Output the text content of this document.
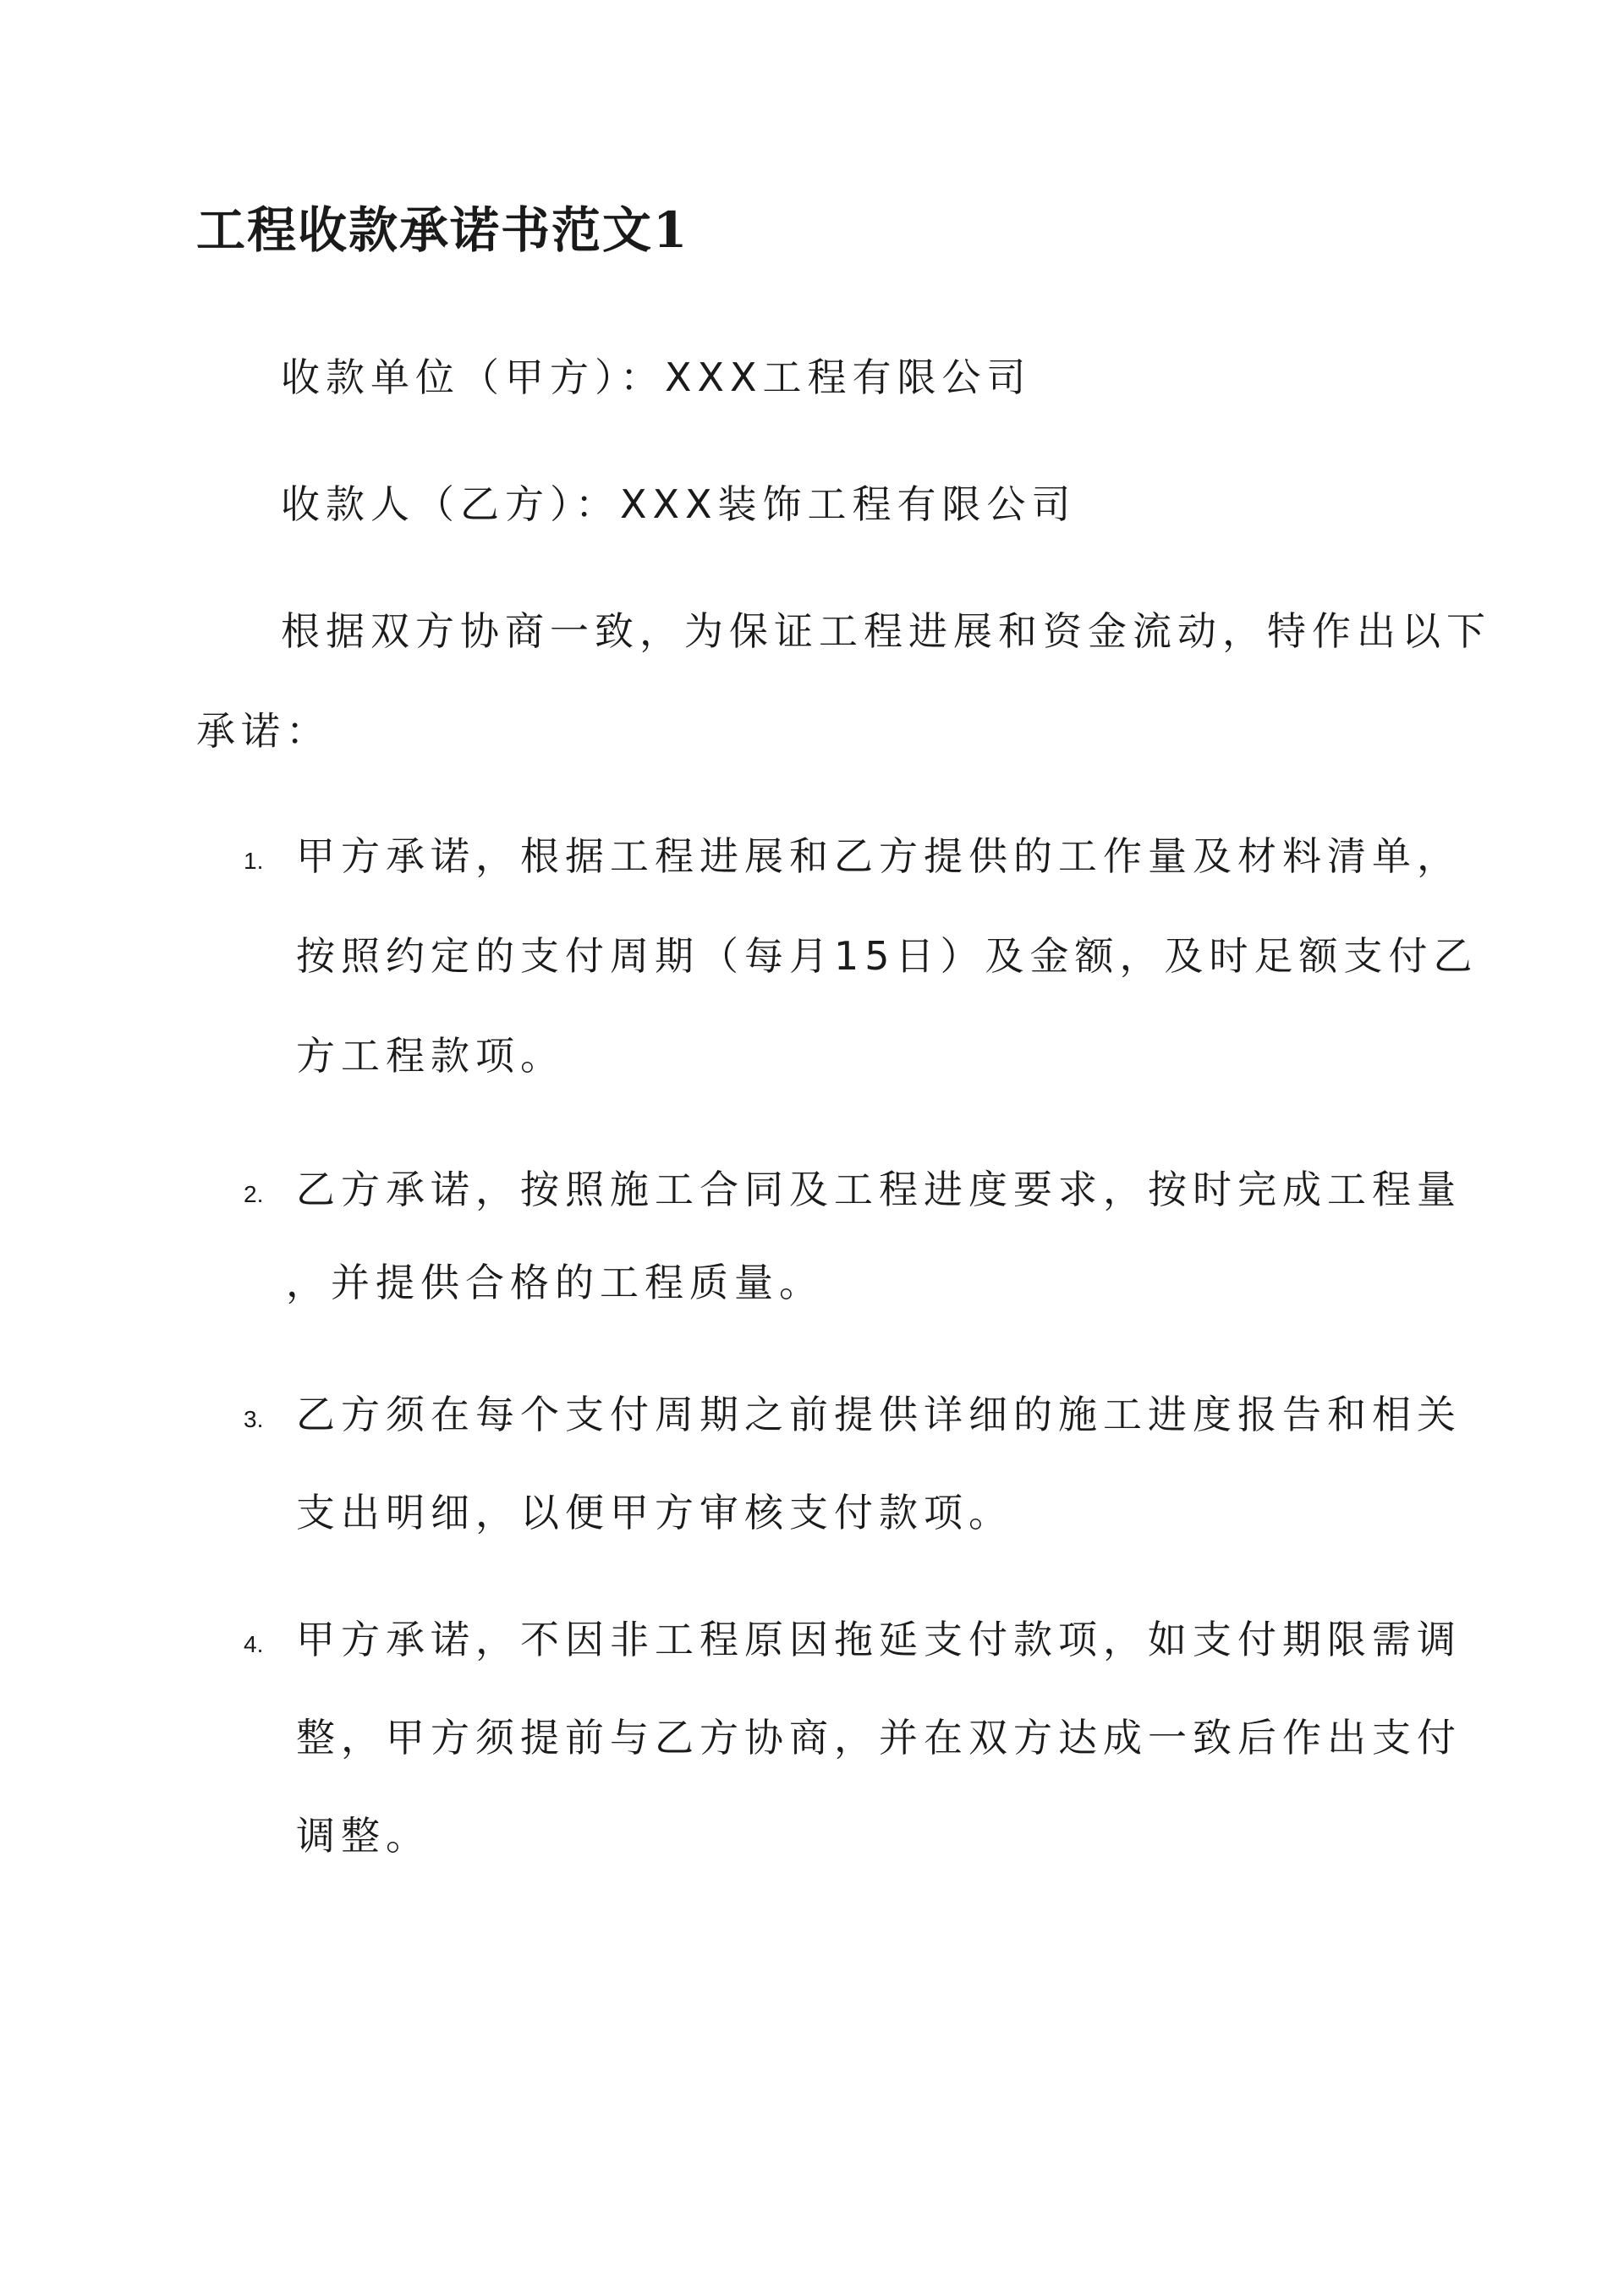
工程收款承诺书范文1

收款单位（甲方）：XXX工程有限公司

收款人（乙方）：XXX装饰工程有限公司

根据双方协商一致，为保证工程进展和资金流动，特作出以下

承诺：

1. 甲方承诺，根据工程进展和乙方提供的工作量及材料清单，

按照约定的支付周期（每月15日）及金额，及时足额支付乙

方工程款项。

2. 乙方承诺，按照施工合同及工程进度要求，按时完成工程量

，并提供合格的工程质量。

3. 乙方须在每个支付周期之前提供详细的施工进度报告和相关

支出明细，以便甲方审核支付款项。

4. 甲方承诺，不因非工程原因拖延支付款项，如支付期限需调

整，甲方须提前与乙方协商，并在双方达成一致后作出支付

调整。
